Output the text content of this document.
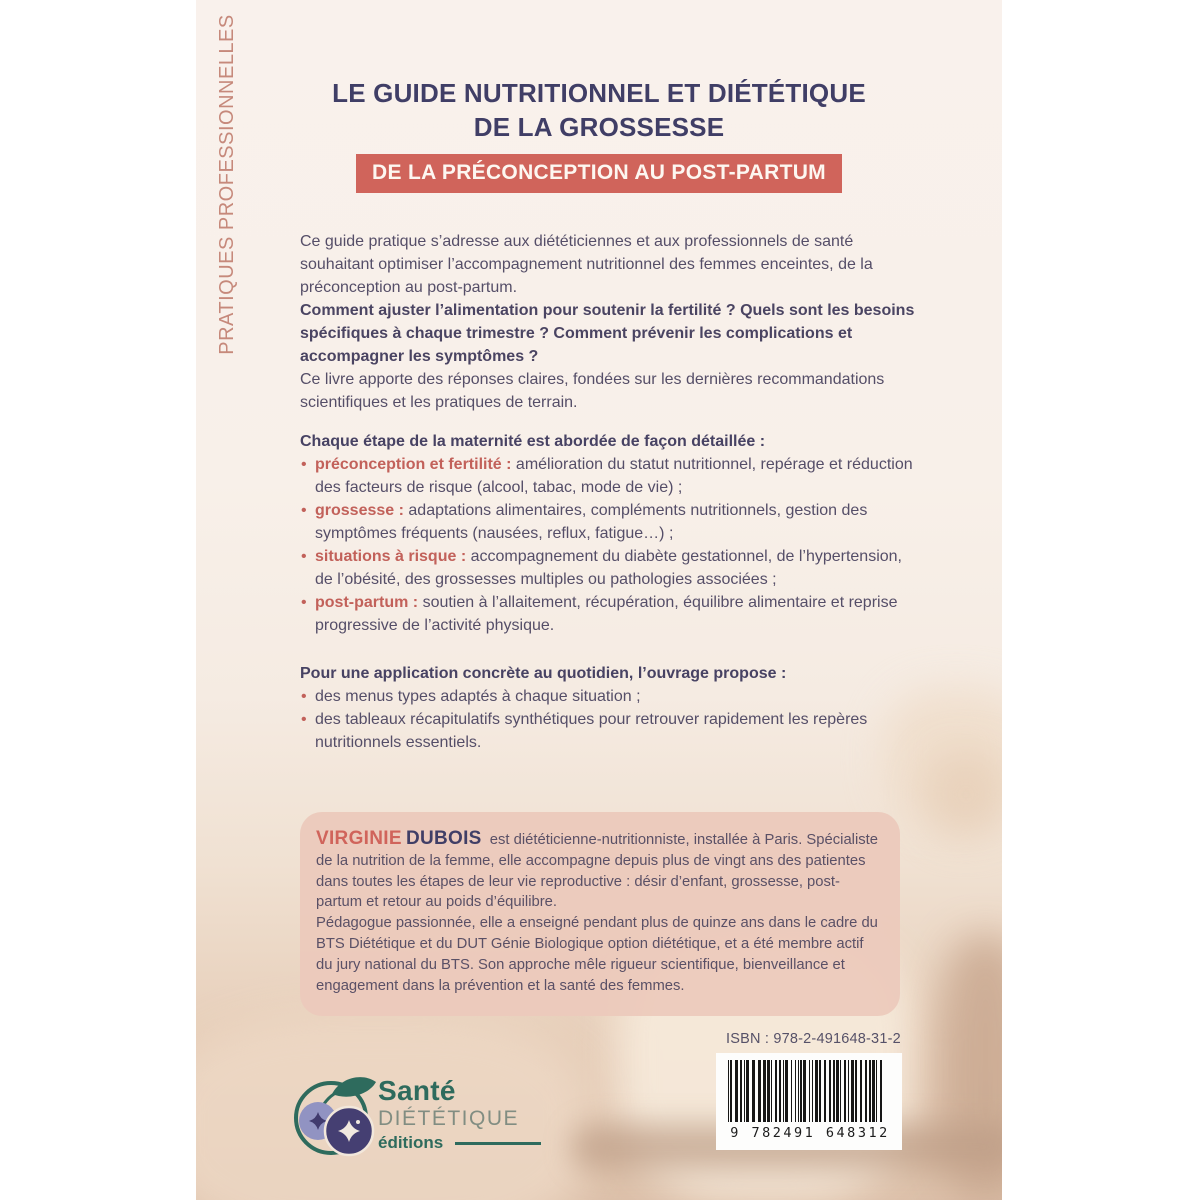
PRATIQUES PROFESSIONNELLES	LE GUIDE NUTRITIONNEL ET DIÉTÉTIQUE
DE LA GROSSESSE
DE LA PRÉCONCEPTION AU POST-PARTUM

Ce guide pratique s’adresse aux diététiciennes et aux professionnels de santé souhaitant optimiser l’accompagnement nutritionnel des femmes enceintes, de la préconception au post-partum.

Comment ajuster l’alimentation pour soutenir la fertilité ? Quels sont les besoins spécifiques à chaque trimestre ? Comment prévenir les complications et accompagner les symptômes ?

Ce livre apporte des réponses claires, fondées sur les dernières recommandations scientifiques et les pratiques de terrain.

Chaque étape de la maternité est abordée de façon détaillée :

• préconception et fertilité : amélioration du statut nutritionnel, repérage et réduction des facteurs de risque (alcool, tabac, mode de vie) ;
• grossesse : adaptations alimentaires, compléments nutritionnels, gestion des symptômes fréquents (nausées, reflux, fatigue…) ;
• situations à risque : accompagnement du diabète gestationnel, de l’hypertension, de l’obésité, des grossesses multiples ou pathologies associées ;
• post-partum : soutien à l’allaitement, récupération, équilibre alimentaire et reprise progressive de l’activité physique.

Pour une application concrète au quotidien, l’ouvrage propose :

• des menus types adaptés à chaque situation ;
• des tableaux récapitulatifs synthétiques pour retrouver rapidement les repères nutritionnels essentiels.

VIRGINIE DUBOIS est diététicienne-nutritionniste, installée à Paris. Spécialiste de la nutrition de la femme, elle accompagne depuis plus de vingt ans des patientes dans toutes les étapes de leur vie reproductive : désir d’enfant, grossesse, post-partum et retour au poids d’équilibre.

Pédagogue passionnée, elle a enseigné pendant plus de quinze ans dans le cadre du BTS Diététique et du DUT Génie Biologique option diététique, et a été membre actif du jury national du BTS. Son approche mêle rigueur scientifique, bienveillance et engagement dans la prévention et la santé des femmes.

ISBN : 978-2-491648-31-2
9 782491 648312
Santé
DIÉTÉTIQUE
éditions
